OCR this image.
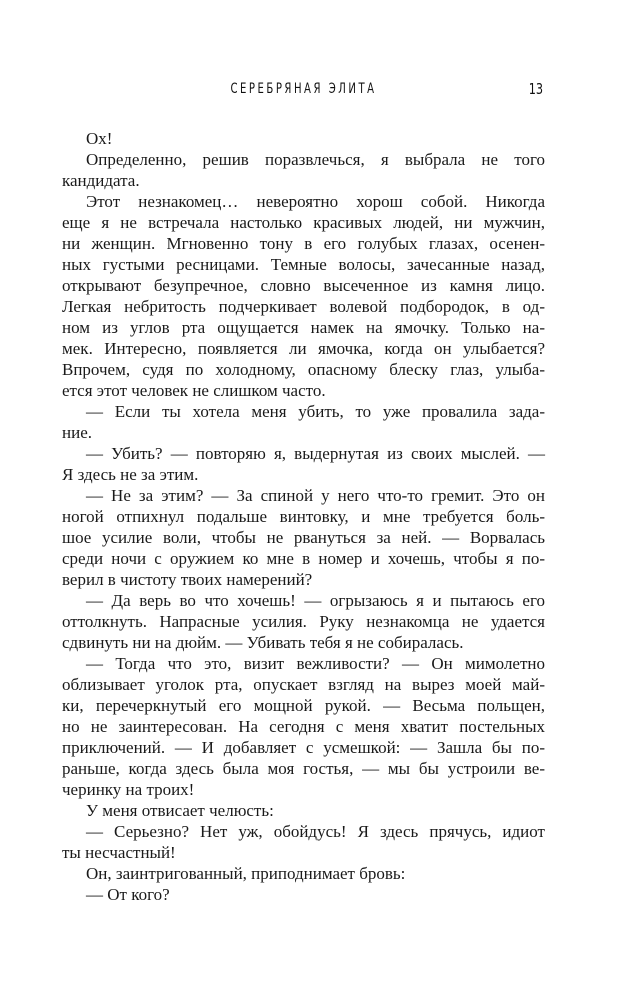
СЕРЕБРЯНАЯ ЭЛИТА	13
Ох!
Определенно, решив поразвлечься, я выбрала не того
кандидата.
Этот незнакомец… невероятно хорош собой. Никогда
еще я не встречала настолько красивых людей, ни мужчин,
ни женщин. Мгновенно тону в его голубых глазах, осенен-
ных густыми ресницами. Темные волосы, зачесанные назад,
открывают безупречное, словно высеченное из камня лицо.
Легкая небритость подчеркивает волевой подбородок, в од-
ном из углов рта ощущается намек на ямочку. Только на-
мек. Интересно, появляется ли ямочка, когда он улыбается?
Впрочем, судя по холодному, опасному блеску глаз, улыба-
ется этот человек не слишком часто.
— Если ты хотела меня убить, то уже провалила зада-
ние.
— Убить? — повторяю я, выдернутая из своих мыслей. —
Я здесь не за этим.
— Не за этим? — За спиной у него что-то гремит. Это он
ногой отпихнул подальше винтовку, и мне требуется боль-
шое усилие воли, чтобы не рвануться за ней. — Ворвалась
среди ночи с оружием ко мне в номер и хочешь, чтобы я по-
верил в чистоту твоих намерений?
— Да верь во что хочешь! — огрызаюсь я и пытаюсь его
оттолкнуть. Напрасные усилия. Руку незнакомца не удается
сдвинуть ни на дюйм. — Убивать тебя я не собиралась.
— Тогда что это, визит вежливости? — Он мимолетно
облизывает уголок рта, опускает взгляд на вырез моей май-
ки, перечеркнутый его мощной рукой. — Весьма польщен,
но не заинтересован. На сегодня с меня хватит постельных
приключений. — И добавляет с усмешкой: — Зашла бы по-
раньше, когда здесь была моя гостья, — мы бы устроили ве-
черинку на троих!
У меня отвисает челюсть:
— Серьезно? Нет уж, обойдусь! Я здесь прячусь, идиот
ты несчастный!
Он, заинтригованный, приподнимает бровь:
— От кого?
